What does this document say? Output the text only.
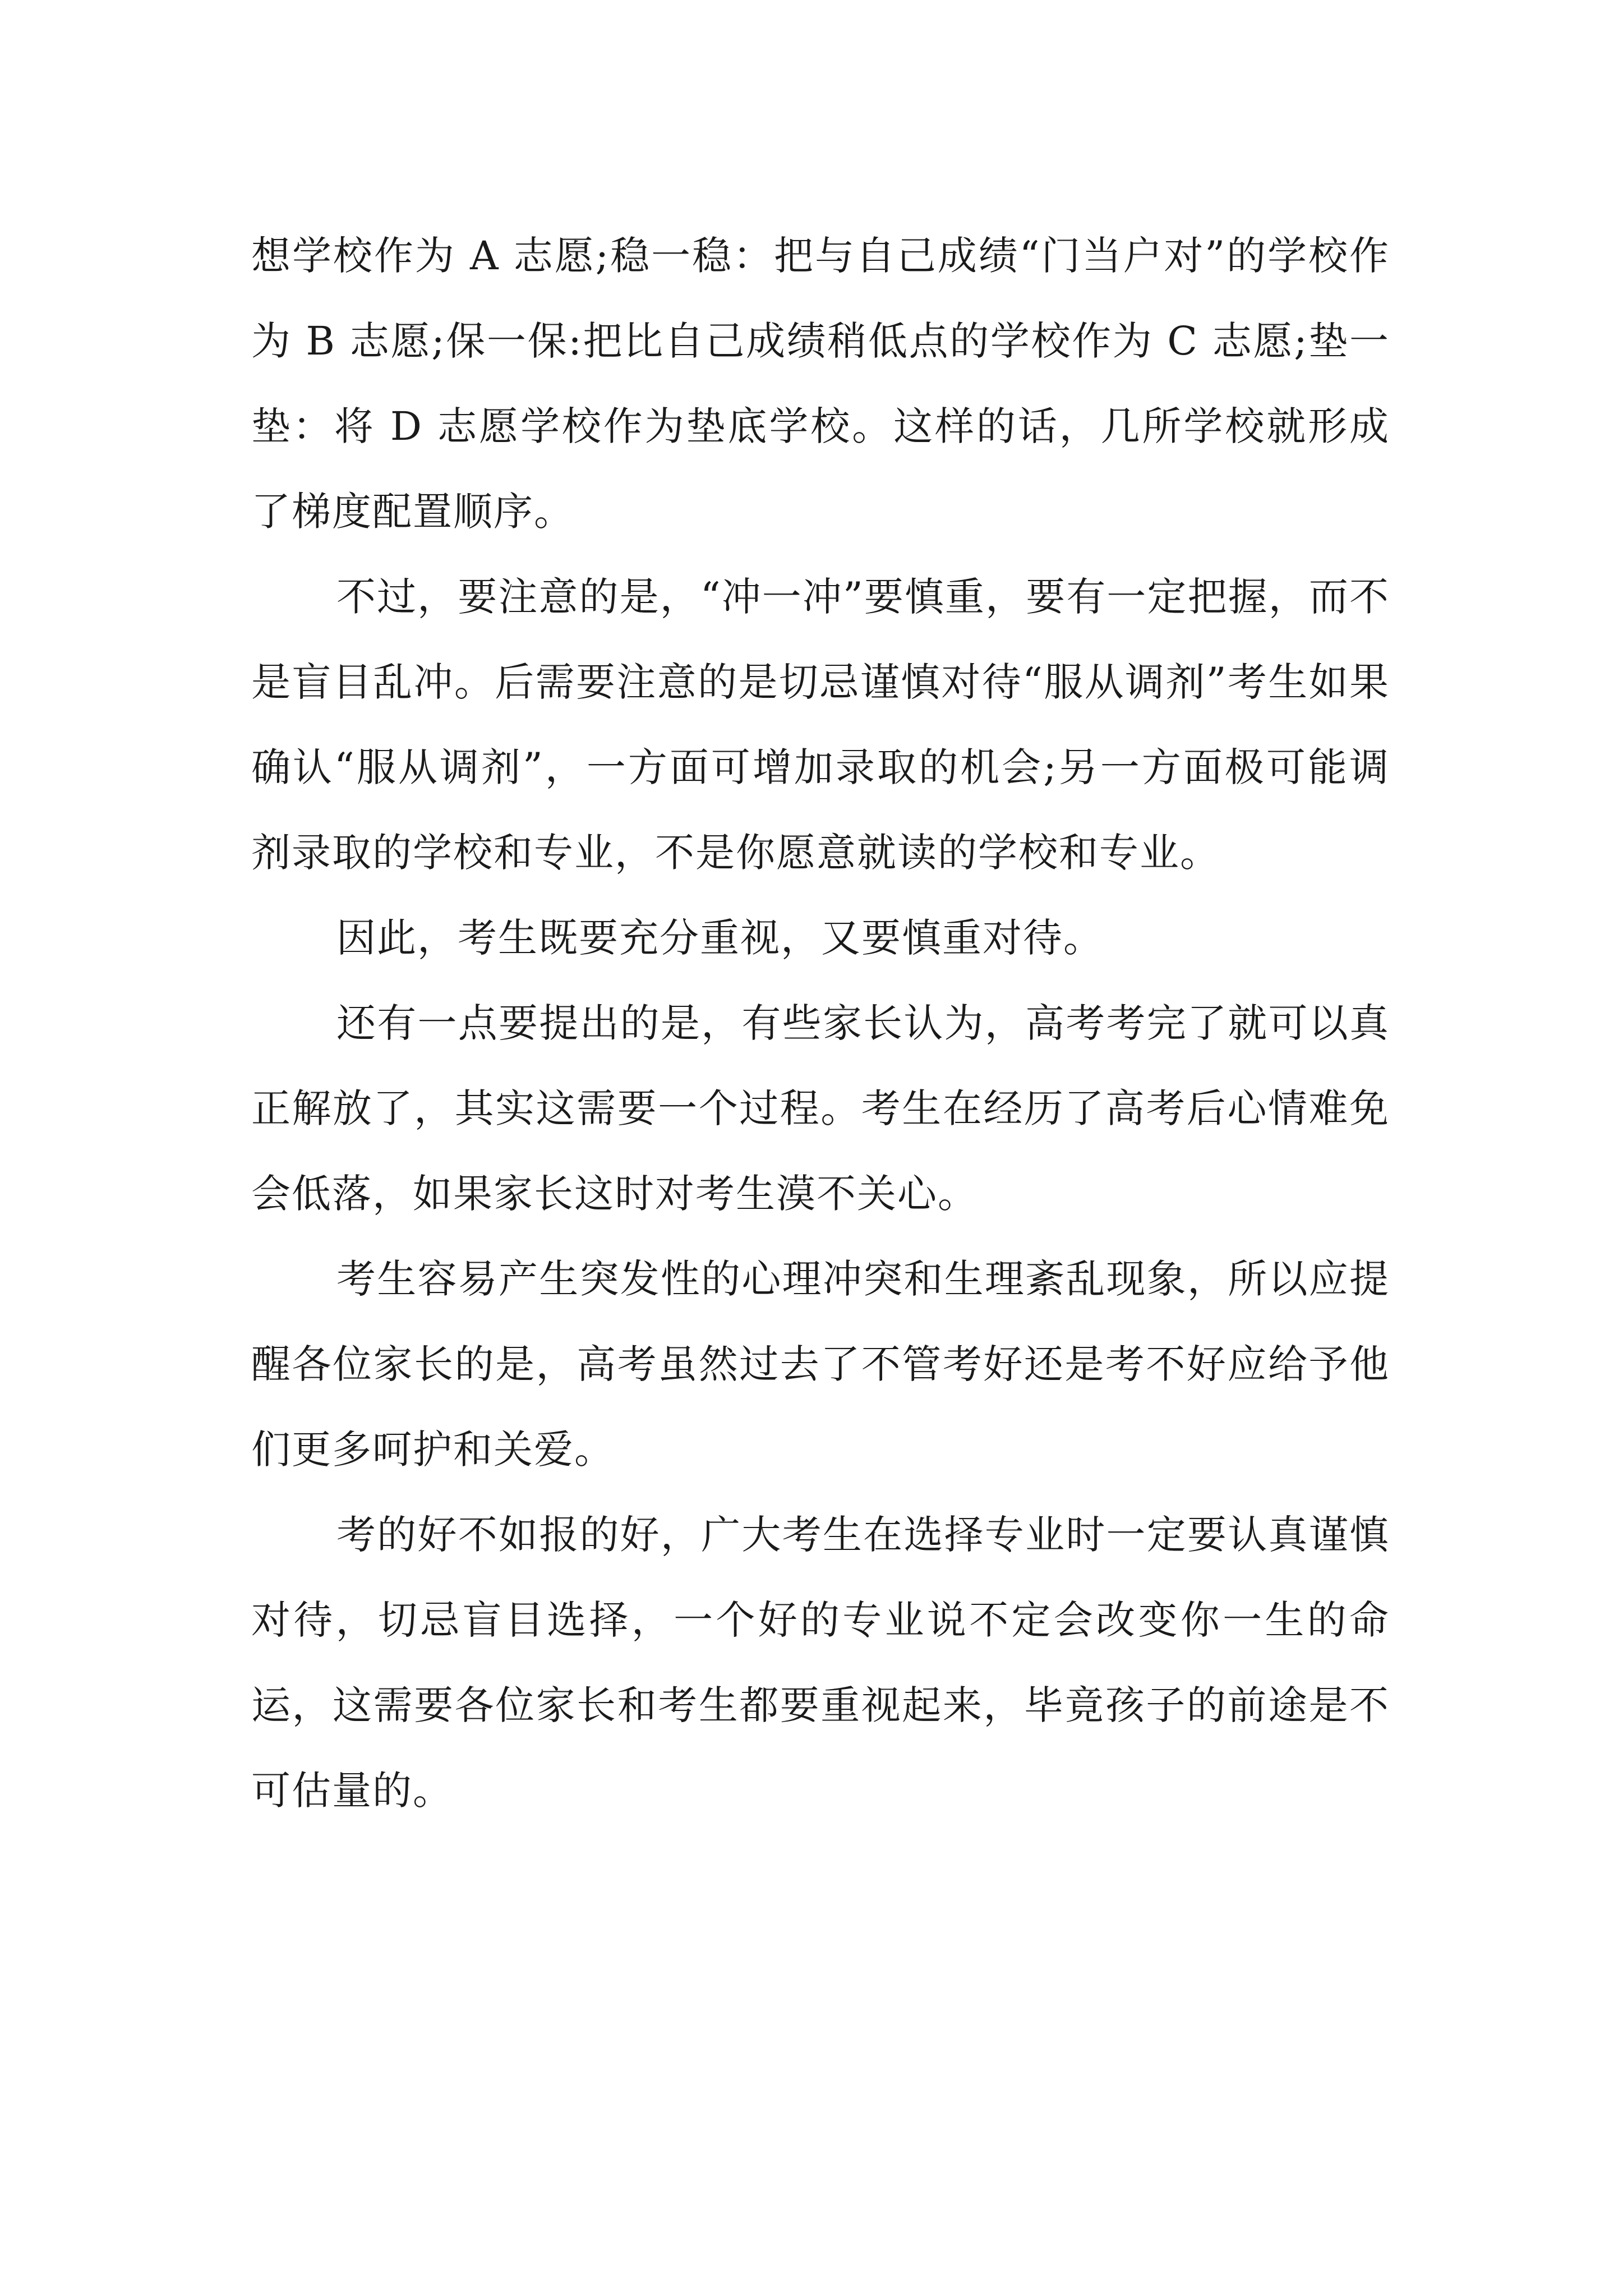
想学校作为 A 志愿;稳一稳：把与自己成绩“门当户对”的学校作为 B 志愿;保一保:把比自己成绩稍低点的学校作为 C 志愿;垫一垫：将 D 志愿学校作为垫底学校。这样的话，几所学校就形成了梯度配置顺序。

不过，要注意的是，“冲一冲”要慎重，要有一定把握，而不是盲目乱冲。后需要注意的是切忌谨慎对待“服从调剂”考生如果确认“服从调剂”，一方面可增加录取的机会;另一方面极可能调剂录取的学校和专业，不是你愿意就读的学校和专业。

因此，考生既要充分重视，又要慎重对待。

还有一点要提出的是，有些家长认为，高考考完了就可以真正解放了，其实这需要一个过程。考生在经历了高考后心情难免会低落，如果家长这时对考生漠不关心。

考生容易产生突发性的心理冲突和生理紊乱现象，所以应提醒各位家长的是，高考虽然过去了不管考好还是考不好应给予他们更多呵护和关爱。

考的好不如报的好，广大考生在选择专业时一定要认真谨慎对待，切忌盲目选择，一个好的专业说不定会改变你一生的命运，这需要各位家长和考生都要重视起来，毕竟孩子的前途是不可估量的。
